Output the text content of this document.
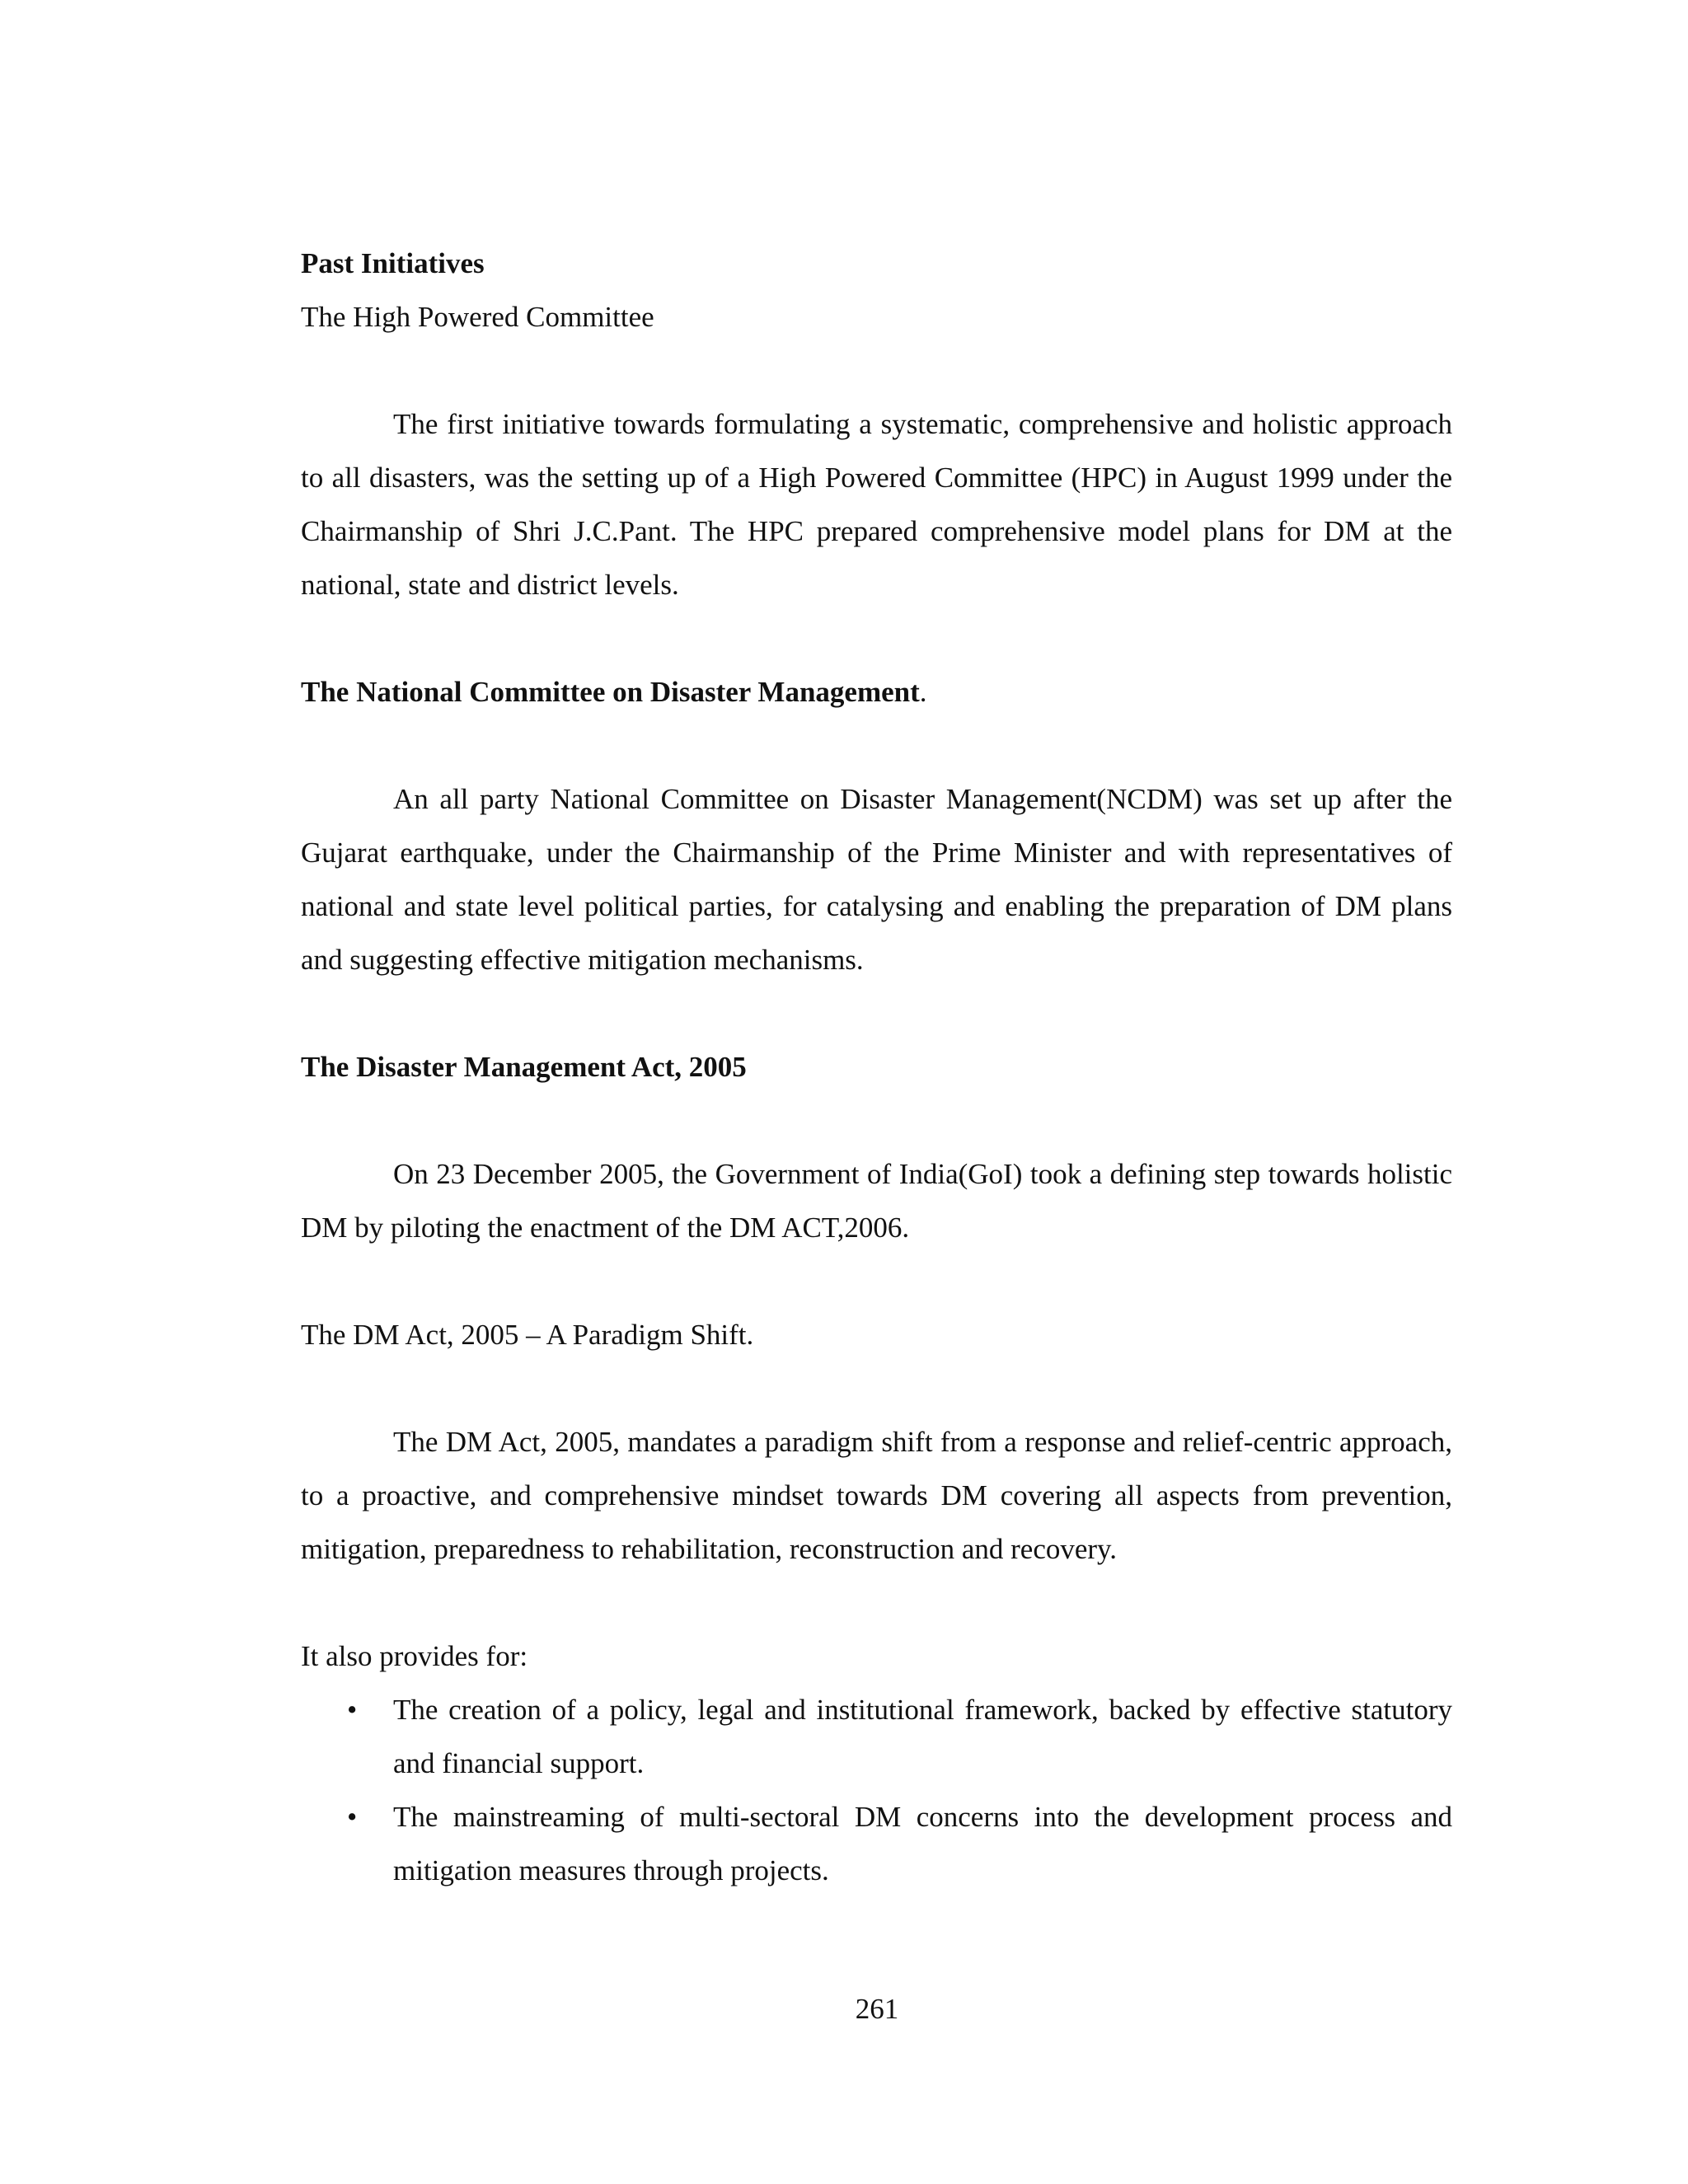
Past Initiatives

The High Powered Committee

The first initiative towards formulating a systematic, comprehensive and holistic approach to all disasters, was the setting up of a High Powered Committee (HPC) in August 1999 under the Chairmanship of Shri J.C.Pant. The HPC prepared comprehensive model plans for DM at the national, state and district levels.

The National Committee on Disaster Management.

An all party National Committee on Disaster Management(NCDM) was set up after the Gujarat earthquake, under the Chairmanship of the Prime Minister and with representatives of national and state level political parties, for catalysing and enabling the preparation of DM plans and suggesting effective mitigation mechanisms.

The Disaster Management Act, 2005

On 23 December 2005, the Government of India(GoI) took a defining step towards holistic DM by piloting the enactment of the DM ACT,2006.

The DM Act, 2005 – A Paradigm Shift.

The DM Act, 2005, mandates a paradigm shift from a response and relief-centric approach, to a proactive, and comprehensive mindset towards DM covering all aspects from prevention, mitigation, preparedness to rehabilitation, reconstruction and recovery.

It also provides for:

• The creation of a policy, legal and institutional framework, backed by effective statutory and financial support.
• The mainstreaming of multi-sectoral DM concerns into the development process and mitigation measures through projects.
261
